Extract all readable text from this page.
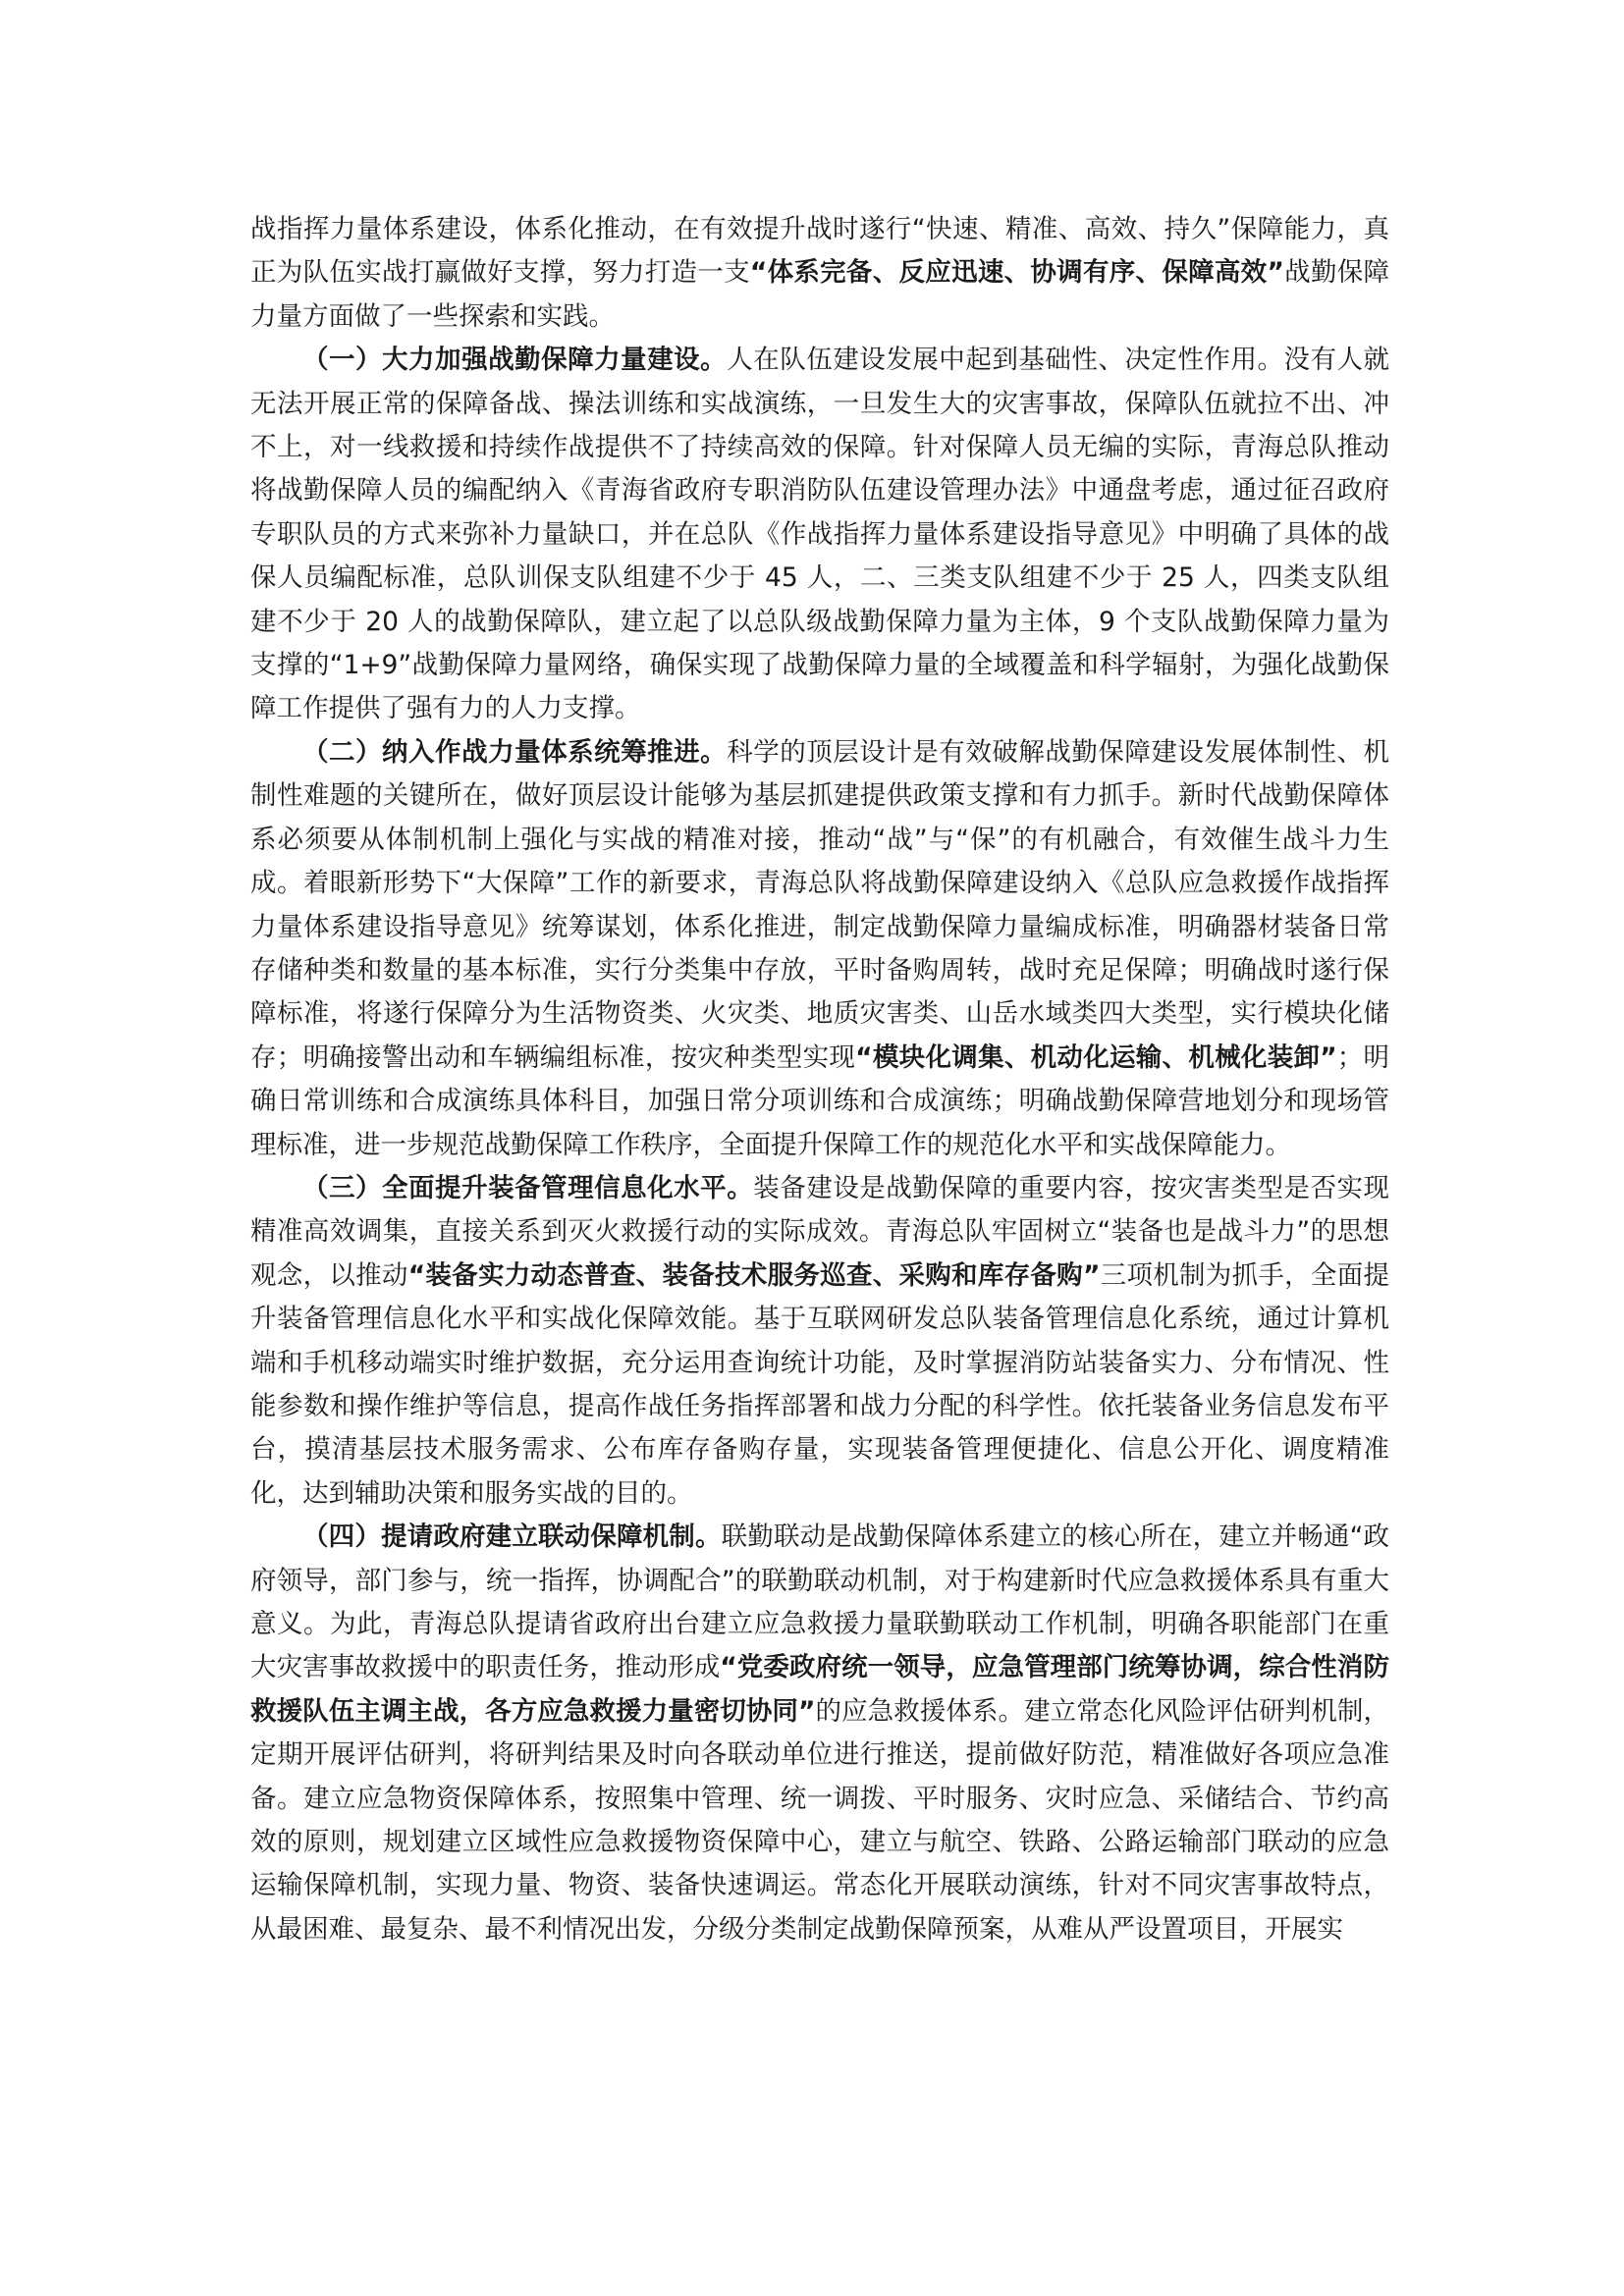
战指挥力量体系建设，体系化推动，在有效提升战时遂行“快速、精准、高效、持久”保障能力，真正为队伍实战打赢做好支撑，努力打造一支“体系完备、反应迅速、协调有序、保障高效”战勤保障力量方面做了一些探索和实践。

（一）大力加强战勤保障力量建设。人在队伍建设发展中起到基础性、决定性作用。没有人就无法开展正常的保障备战、操法训练和实战演练，一旦发生大的灾害事故，保障队伍就拉不出、冲不上，对一线救援和持续作战提供不了持续高效的保障。针对保障人员无编的实际，青海总队推动将战勤保障人员的编配纳入《青海省政府专职消防队伍建设管理办法》中通盘考虑，通过征召政府专职队员的方式来弥补力量缺口，并在总队《作战指挥力量体系建设指导意见》中明确了具体的战保人员编配标准，总队训保支队组建不少于 45 人，二、三类支队组建不少于 25 人，四类支队组建不少于 20 人的战勤保障队，建立起了以总队级战勤保障力量为主体，9 个支队战勤保障力量为支撑的“1+9”战勤保障力量网络，确保实现了战勤保障力量的全域覆盖和科学辐射，为强化战勤保障工作提供了强有力的人力支撑。

（二）纳入作战力量体系统筹推进。科学的顶层设计是有效破解战勤保障建设发展体制性、机制性难题的关键所在，做好顶层设计能够为基层抓建提供政策支撑和有力抓手。新时代战勤保障体系必须要从体制机制上强化与实战的精准对接，推动“战”与“保”的有机融合，有效催生战斗力生成。着眼新形势下“大保障”工作的新要求，青海总队将战勤保障建设纳入《总队应急救援作战指挥力量体系建设指导意见》统筹谋划，体系化推进，制定战勤保障力量编成标准，明确器材装备日常存储种类和数量的基本标准，实行分类集中存放，平时备购周转，战时充足保障；明确战时遂行保障标准，将遂行保障分为生活物资类、火灾类、地质灾害类、山岳水域类四大类型，实行模块化储存；明确接警出动和车辆编组标准，按灾种类型实现“模块化调集、机动化运输、机械化装卸”；明确日常训练和合成演练具体科目，加强日常分项训练和合成演练；明确战勤保障营地划分和现场管理标准，进一步规范战勤保障工作秩序，全面提升保障工作的规范化水平和实战保障能力。

（三）全面提升装备管理信息化水平。装备建设是战勤保障的重要内容，按灾害类型是否实现精准高效调集，直接关系到灭火救援行动的实际成效。青海总队牢固树立“装备也是战斗力”的思想观念，以推动“装备实力动态普查、装备技术服务巡查、采购和库存备购”三项机制为抓手，全面提升装备管理信息化水平和实战化保障效能。基于互联网研发总队装备管理信息化系统，通过计算机端和手机移动端实时维护数据，充分运用查询统计功能，及时掌握消防站装备实力、分布情况、性能参数和操作维护等信息，提高作战任务指挥部署和战力分配的科学性。依托装备业务信息发布平台，摸清基层技术服务需求、公布库存备购存量，实现装备管理便捷化、信息公开化、调度精准化，达到辅助决策和服务实战的目的。

（四）提请政府建立联动保障机制。联勤联动是战勤保障体系建立的核心所在，建立并畅通“政府领导，部门参与，统一指挥，协调配合”的联勤联动机制，对于构建新时代应急救援体系具有重大意义。为此，青海总队提请省政府出台建立应急救援力量联勤联动工作机制，明确各职能部门在重大灾害事故救援中的职责任务，推动形成“党委政府统一领导，应急管理部门统筹协调，综合性消防救援队伍主调主战，各方应急救援力量密切协同”的应急救援体系。建立常态化风险评估研判机制，定期开展评估研判，将研判结果及时向各联动单位进行推送，提前做好防范，精准做好各项应急准备。建立应急物资保障体系，按照集中管理、统一调拨、平时服务、灾时应急、采储结合、节约高效的原则，规划建立区域性应急救援物资保障中心，建立与航空、铁路、公路运输部门联动的应急运输保障机制，实现力量、物资、装备快速调运。常态化开展联动演练，针对不同灾害事故特点，从最困难、最复杂、最不利情况出发，分级分类制定战勤保障预案，从难从严设置项目，开展实
